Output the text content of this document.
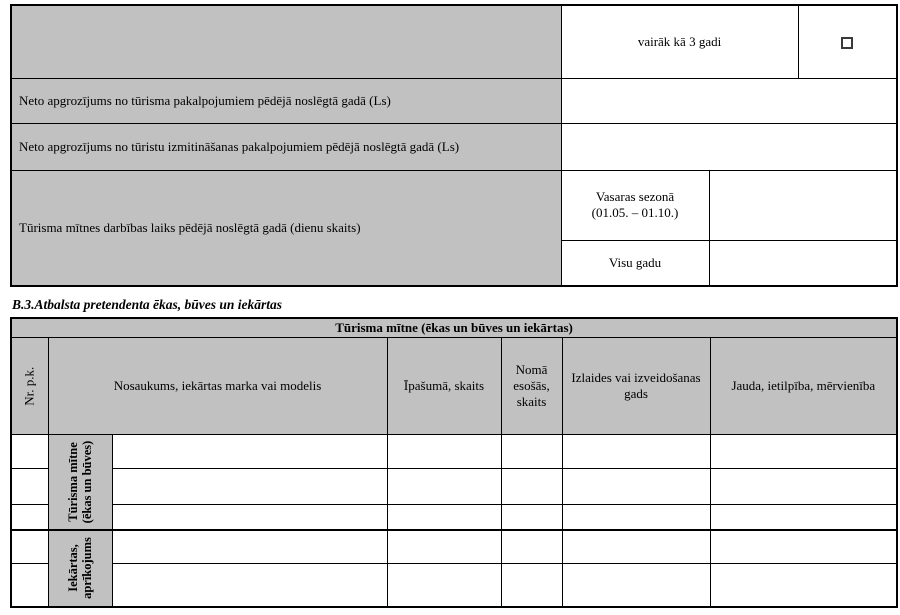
	vairāk kā 3 gadi		
Neto apgrozījums no tūrisma pakalpojumiem pēdējā noslēgtā gadā (Ls)			
Neto apgrozījums no tūristu izmitināšanas pakalpojumiem pēdējā noslēgtā gadā (Ls)			
Tūrisma mītnes darbības laiks pēdējā noslēgtā gadā (dienu skaits)	Vasaras sezonā
(01.05. – 01.10.)		

	Visu gadu		
B.3.Atbalsta pretendenta ēkas, būves un iekārtas
Tūrisma mītne (ēkas un būves un iekārtas)						

Nr. p.k.	Nosaukums, iekārtas marka vai modelis		Īpašumā, skaits	Nomā esošās, skaits	Izlaides vai izveidošanas gads	Jauda, ietilpība, mērvienība

	Tūrisma mītne (ēkas un būves)					

	Iekārtas, aprīkojums					
